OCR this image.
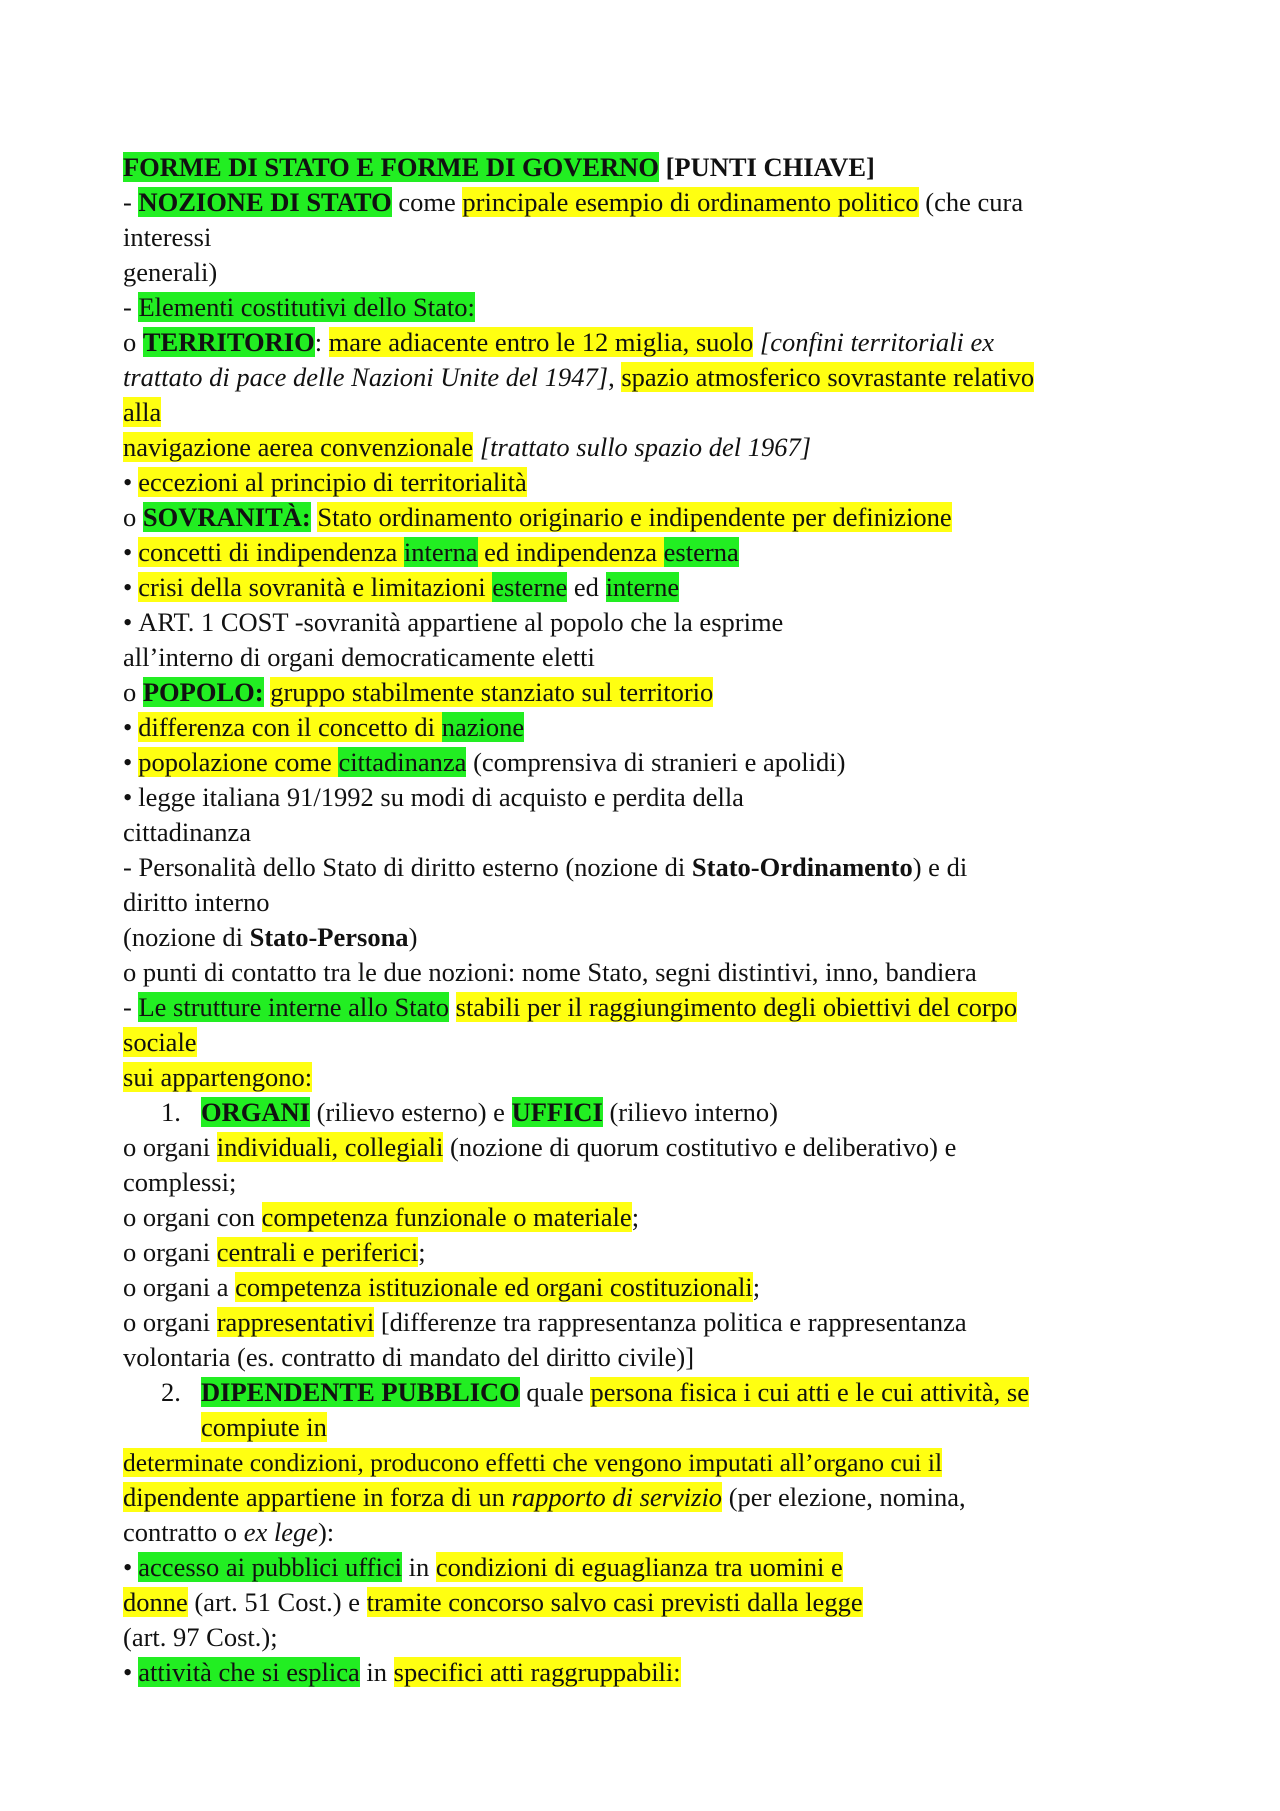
FORME DI STATO E FORME DI GOVERNO [PUNTI CHIAVE]
- NOZIONE DI STATO come principale esempio di ordinamento politico (che cura
interessi
generali)
- Elementi costitutivi dello Stato:
o TERRITORIO: mare adiacente entro le 12 miglia, suolo [confini territoriali ex
trattato di pace delle Nazioni Unite del 1947], spazio atmosferico sovrastante relativo
alla
navigazione aerea convenzionale [trattato sullo spazio del 1967]
• eccezioni al principio di territorialità
o SOVRANITÀ: Stato ordinamento originario e indipendente per definizione
• concetti di indipendenza interna ed indipendenza esterna
• crisi della sovranità e limitazioni esterne ed interne
• ART. 1 COST -sovranità appartiene al popolo che la esprime
all’interno di organi democraticamente eletti
o POPOLO: gruppo stabilmente stanziato sul territorio
• differenza con il concetto di nazione
• popolazione come cittadinanza (comprensiva di stranieri e apolidi)
• legge italiana 91/1992 su modi di acquisto e perdita della
cittadinanza
- Personalità dello Stato di diritto esterno (nozione di Stato-Ordinamento) e di
diritto interno
(nozione di Stato-Persona)
o punti di contatto tra le due nozioni: nome Stato, segni distintivi, inno, bandiera
- Le strutture interne allo Stato stabili per il raggiungimento degli obiettivi del corpo
sociale
sui appartengono:
1. ORGANI (rilievo esterno) e UFFICI (rilievo interno)
o organi individuali, collegiali (nozione di quorum costitutivo e deliberativo) e
complessi;
o organi con competenza funzionale o materiale;
o organi centrali e periferici;
o organi a competenza istituzionale ed organi costituzionali;
o organi rappresentativi [differenze tra rappresentanza politica e rappresentanza
volontaria (es. contratto di mandato del diritto civile)]
2. DIPENDENTE PUBBLICO quale persona fisica i cui atti e le cui attività, se
compiute in
determinate condizioni, producono effetti che vengono imputati all’organo cui il
dipendente appartiene in forza di un rapporto di servizio (per elezione, nomina,
contratto o ex lege):
• accesso ai pubblici uffici in condizioni di eguaglianza tra uomini e
donne (art. 51 Cost.) e tramite concorso salvo casi previsti dalla legge
(art. 97 Cost.);
• attività che si esplica in specifici atti raggruppabili:
